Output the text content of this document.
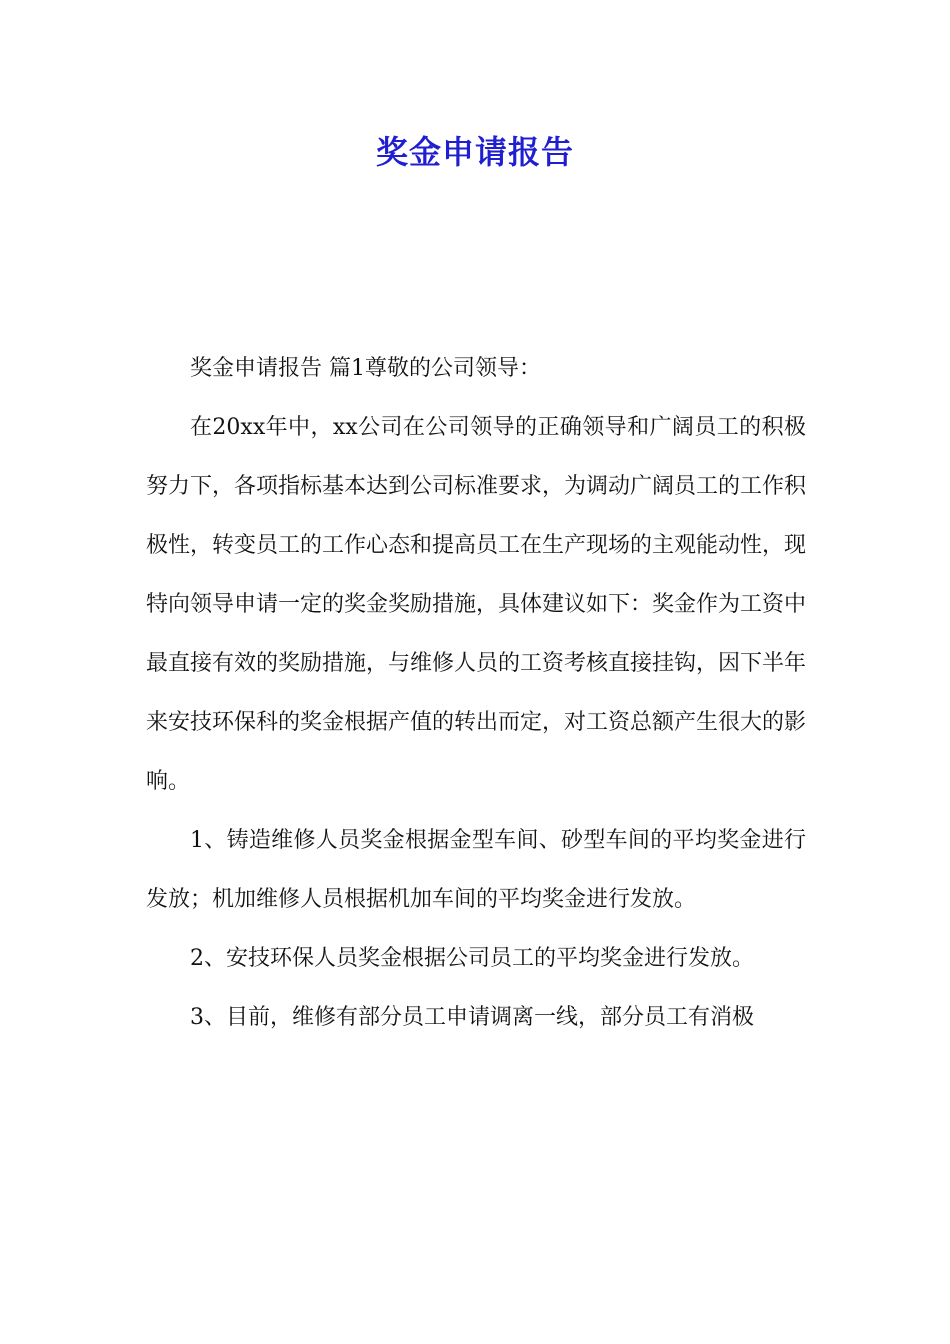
奖金申请报告

奖金申请报告 篇1尊敬的公司领导：

在20xx年中，xx公司在公司领导的正确领导和广阔员工的积极努力下，各项指标基本达到公司标准要求，为调动广阔员工的工作积极性，转变员工的工作心态和提高员工在生产现场的主观能动性，现特向领导申请一定的奖金奖励措施，具体建议如下：奖金作为工资中最直接有效的奖励措施，与维修人员的工资考核直接挂钩，因下半年来安技环保科的奖金根据产值的转出而定，对工资总额产生很大的影响。

1、铸造维修人员奖金根据金型车间、砂型车间的平均奖金进行发放；机加维修人员根据机加车间的平均奖金进行发放。

2、安技环保人员奖金根据公司员工的平均奖金进行发放。

3、目前，维修有部分员工申请调离一线，部分员工有消极
